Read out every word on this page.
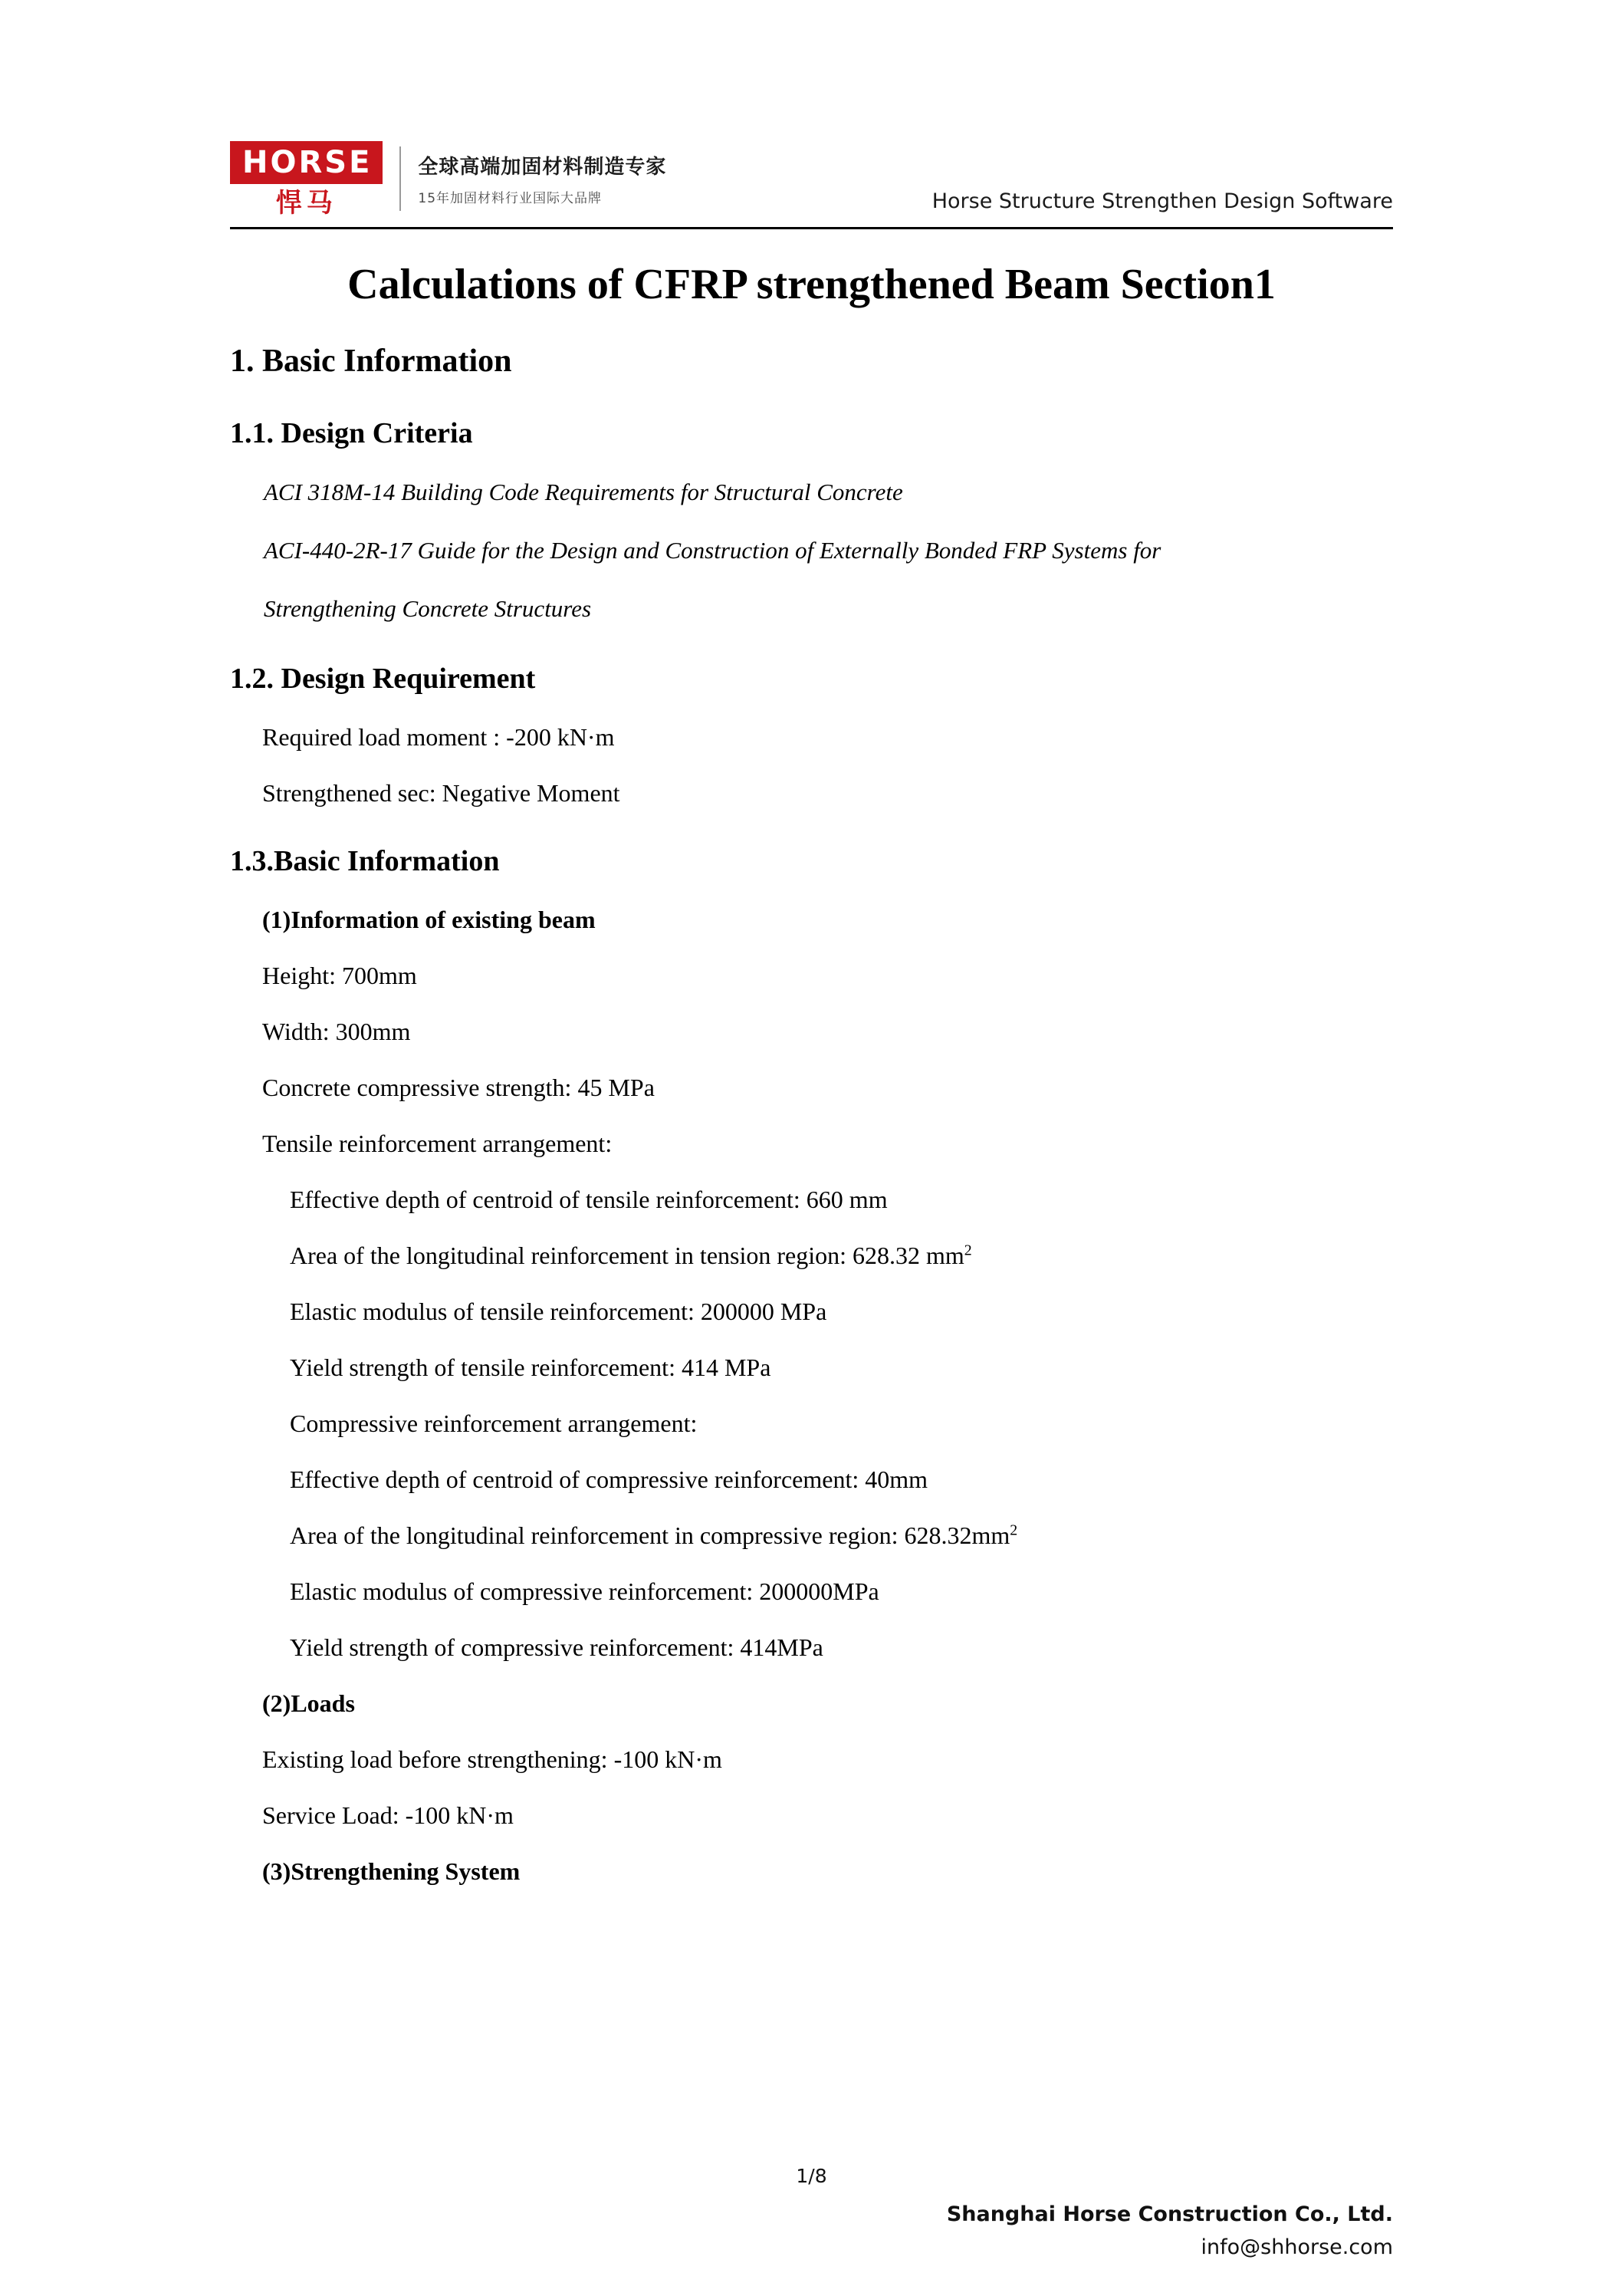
HORSE
悍马
全球高端加固材料制造专家
15年加固材料行业国际大品牌	Horse Structure Strengthen Design Software
Calculations of CFRP strengthened Beam Section1
1. Basic Information
1.1. Design Criteria
ACI 318M-14 Building Code Requirements for Structural Concrete
ACI-440-2R-17 Guide for the Design and Construction of Externally Bonded FRP Systems for
Strengthening Concrete Structures
1.2. Design Requirement
Required load moment : -200 kN·m
Strengthened sec: Negative Moment
1.3.Basic Information
(1)Information of existing beam
Height: 700mm
Width: 300mm
Concrete compressive strength: 45 MPa
Tensile reinforcement arrangement:
Effective depth of centroid of tensile reinforcement: 660 mm
Area of the longitudinal reinforcement in tension region: 628.32 $mm^2$
Elastic modulus of tensile reinforcement: 200000 MPa
Yield strength of tensile reinforcement: 414 MPa
Compressive reinforcement arrangement:
Effective depth of centroid of compressive reinforcement: 40mm
Area of the longitudinal reinforcement in compressive region: $628.32mm^2$
Elastic modulus of compressive reinforcement: 200000MPa
Yield strength of compressive reinforcement: 414MPa
(2)Loads
Existing load before strengthening: -100 kN·m
Service Load: -100 kN·m
(3)Strengthening System
1/8
Shanghai Horse Construction Co., Ltd.
info@shhorse.com
